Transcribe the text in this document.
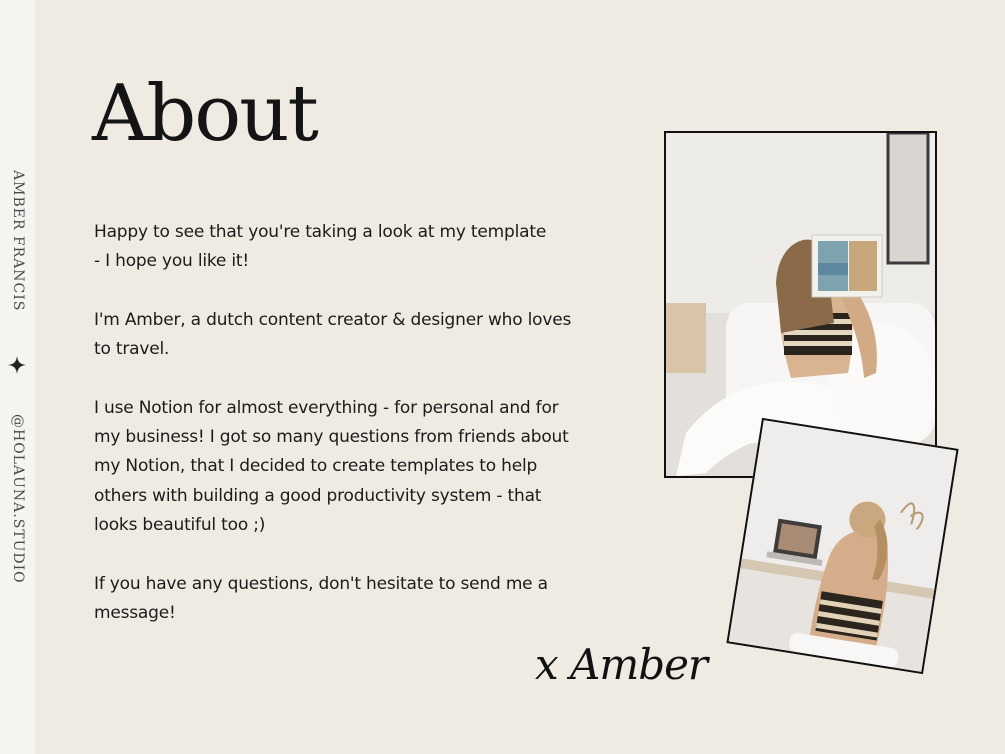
AMBER FRANCIS
@HOLAUNA.STUDIO
About

Happy to see that you're taking a look at my template
- I hope you like it!

I'm Amber, a dutch content creator & designer who loves
to travel.

I use Notion for almost everything - for personal and for
my business! I got so many questions from friends about
my Notion, that I decided to create templates to help
others with building a good productivity system - that
looks beautiful too ;)

If you have any questions, don't hesitate to send me a
message!

x Amber
